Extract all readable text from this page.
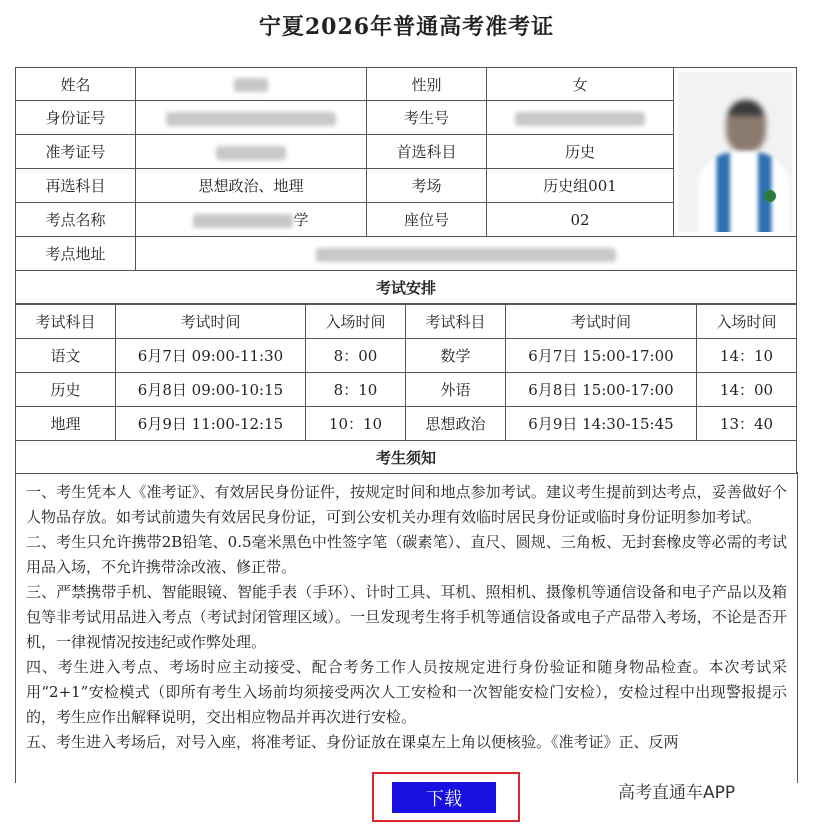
宁夏2026年普通高考准考证
姓名		性别	女	

身份证号		考生号		
准考证号		首选科目	历史	
再选科目	思想政治、地理	考场	历史组001	
考点名称	学	座位号	02	
考点地址				
考试安排				
考试科目	考试时间	入场时间	考试科目	考试时间	入场时间
语文	6月7日 09:00-11:30	8：00	数学	6月7日 15:00-17:00	14：10
历史	6月8日 09:00-10:15	8：10	外语	6月8日 15:00-17:00	14：00
地理	6月9日 11:00-12:15	10：10	思想政治	6月9日 14:30-15:45	13：40
考生须知					

一、考生凭本人《准考证》、有效居民身份证件，按规定时间和地点参加考试。建议考生提前到达考点，妥善做好个人物品存放。如考试前遗失有效居民身份证，可到公安机关办理有效临时居民身份证或临时身份证明参加考试。

二、考生只允许携带2B铅笔、0.5毫米黑色中性签字笔（碳素笔）、直尺、圆规、三角板、无封套橡皮等必需的考试用品入场，不允许携带涂改液、修正带。

三、严禁携带手机、智能眼镜、智能手表（手环）、计时工具、耳机、照相机、摄像机等通信设备和电子产品以及箱包等非考试用品进入考点（考试封闭管理区域）。一旦发现考生将手机等通信设备或电子产品带入考场，不论是否开机，一律视情况按违纪或作弊处理。

四、考生进入考点、考场时应主动接受、配合考务工作人员按规定进行身份验证和随身物品检查。本次考试采用“2+1”安检模式（即所有考生入场前均须接受两次人工安检和一次智能安检门安检），安检过程中出现警报提示的，考生应作出解释说明，交出相应物品并再次进行安检。

五、考生进入考场后，对号入座，将准考证、身份证放在课桌左上角以便核验。《准考证》正、反两

下载	高考直通车APP
